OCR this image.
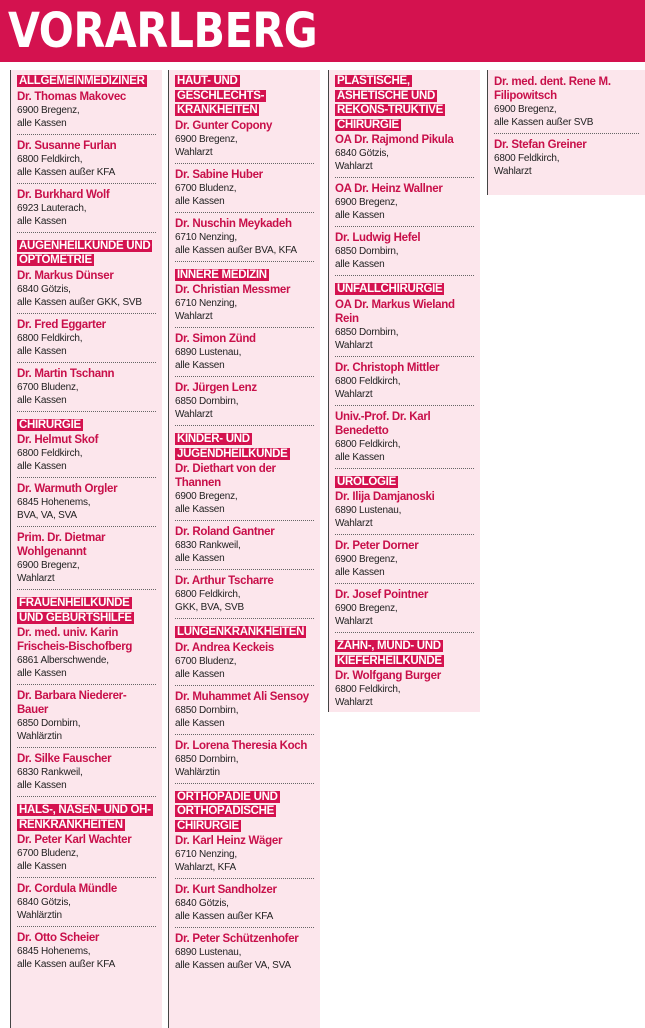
VORARLBERG
ALLGEMEINMEDIZINER
Dr. Thomas Makovec
6900 Bregenz,
alle Kassen
Dr. Susanne Furlan
6800 Feldkirch,
alle Kassen außer KFA
Dr. Burkhard Wolf
6923 Lauterach,
alle Kassen
AUGENHEILKUNDE UND OPTOMETRIE
Dr. Markus Dünser
6840 Götzis,
alle Kassen außer GKK, SVB
Dr. Fred Eggarter
6800 Feldkirch,
alle Kassen
Dr. Martin Tschann
6700 Bludenz,
alle Kassen
CHIRURGIE
Dr. Helmut Skof
6800 Feldkirch,
alle Kassen
Dr. Warmuth Orgler
6845 Hohenems,
BVA, VA, SVA
Prim. Dr. Dietmar Wohlgenannt
6900 Bregenz,
Wahlarzt
FRAUENHEILKUNDE UND GEBURTSHILFE
Dr. med. univ. Karin Frischeis-Bischofberg
6861 Alberschwende,
alle Kassen
Dr. Barbara Niederer-Bauer
6850 Dornbirn,
Wahlärztin
Dr. Silke Fauscher
6830 Rankweil,
alle Kassen
HALS-, NASEN- UND OH-RENKRANKHEITEN
Dr. Peter Karl Wachter
6700 Bludenz,
alle Kassen
Dr. Cordula Mündle
6840 Götzis,
Wahlärztin
Dr. Otto Scheier
6845 Hohenems,
alle Kassen außer KFA
HAUT- UND GESCHLECHTS-KRANKHEITEN
Dr. Gunter Copony
6900 Bregenz,
Wahlarzt
Dr. Sabine Huber
6700 Bludenz,
alle Kassen
Dr. Nuschin Meykadeh
6710 Nenzing,
alle Kassen außer BVA, KFA
INNERE MEDIZIN
Dr. Christian Messmer
6710 Nenzing,
Wahlarzt
Dr. Simon Zünd
6890 Lustenau,
alle Kassen
Dr. Jürgen Lenz
6850 Dornbirn,
Wahlarzt
KINDER- UND JUGENDHEILKUNDE
Dr. Diethart von der Thannen
6900 Bregenz,
alle Kassen
Dr. Roland Gantner
6830 Rankweil,
alle Kassen
Dr. Arthur Tscharre
6800 Feldkirch,
GKK, BVA, SVB
LUNGENKRANKHEITEN
Dr. Andrea Keckeis
6700 Bludenz,
alle Kassen
Dr. Muhammet Ali Sensoy
6850 Dornbirn,
alle Kassen
Dr. Lorena Theresia Koch
6850 Dornbirn,
Wahlärztin
ORTHOPÄDIE UND ORTHOPÄDISCHE CHIRURGIE
Dr. Karl Heinz Wäger
6710 Nenzing,
Wahlarzt, KFA
Dr. Kurt Sandholzer
6840 Götzis,
alle Kassen außer KFA
Dr. Peter Schützenhofer
6890 Lustenau,
alle Kassen außer VA, SVA
PLASTISCHE, ÄSHETISCHE UND REKONS-TRUKTIVE CHIRURGIE
OA Dr. Rajmond Pikula
6840 Götzis,
Wahlarzt
OA Dr. Heinz Wallner
6900 Bregenz,
alle Kassen
Dr. Ludwig Hefel
6850 Dornbirn,
alle Kassen
UNFALLCHIRURGIE
OA Dr. Markus Wieland Rein
6850 Dornbirn,
Wahlarzt
Dr. Christoph Mittler
6800 Feldkirch,
Wahlarzt
Univ.-Prof. Dr. Karl Benedetto
6800 Feldkirch,
alle Kassen
UROLOGIE
Dr. Ilija Damjanoski
6890 Lustenau,
Wahlarzt
Dr. Peter Dorner
6900 Bregenz,
alle Kassen
Dr. Josef Pointner
6900 Bregenz,
Wahlarzt
ZAHN-, MUND- UND KIEFERHEILKUNDE
Dr. Wolfgang Burger
6800 Feldkirch,
Wahlarzt
Dr. med. dent. Rene M. Filipowitsch
6900 Bregenz,
alle Kassen außer SVB
Dr. Stefan Greiner
6800 Feldkirch,
Wahlarzt
